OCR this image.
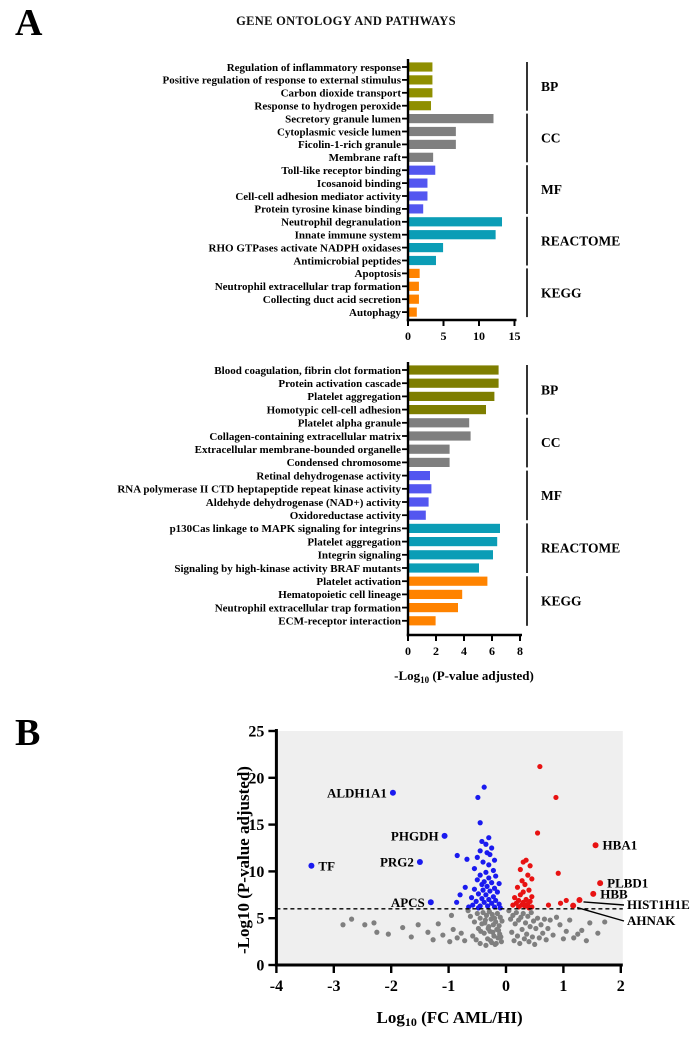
A	GENE ONTOLOGY AND PATHWAYS
Regulation of inflammatory response
Positive regulation of response to external stimulus
Carbon dioxide transport
Response to hydrogen peroxide
Secretory granule lumen
Cytoplasmic vesicle lumen
Ficolin-1-rich granule
Membrane raft
Toll-like receptor binding
Icosanoid binding
Cell-cell adhesion mediator activity
Protein tyrosine kinase binding
Neutrophil degranulation
Innate immune system
RHO GTPases activate NADPH oxidases
Antimicrobial peptides
Apoptosis
Neutrophil extracellular trap formation
Collecting duct acid secretion
Autophagy
0 5 10 15
BP
CC
MF
REACTOME
KEGG
Blood coagulation, fibrin clot formation
Protein activation cascade
Platelet aggregation
Homotypic cell-cell adhesion
Platelet alpha granule
Collagen-containing extracellular matrix
Extracellular membrane-bounded organelle
Condensed chromosome
Retinal dehydrogenase activity
RNA polymerase II CTD heptapeptide repeat kinase activity
Aldehyde dehydrogenase (NAD+) activity
Oxidoreductase activity
p130Cas linkage to MAPK signaling for integrins
Platelet aggregation
Integrin signaling
Signaling by high-kinase activity BRAF mutants
Platelet activation
Hematopoietic cell lineage
Neutrophil extracellular trap formation
ECM-receptor interaction
0 2 4 6 8
BP
CC
MF
REACTOME
KEGG
-Log$_{10}$ (P-value adjusted)
B
0
5
10
15
20
25
-4	-3	-2	-1	0	1	2
Log10 (FC AML/HI)
-Log10 (P-value adjusted)	ALDH1A1
PHGDH
PRG2
TF
APCS
HBA1
PLBD1
HBB
HIST1H1E
AHNAK
